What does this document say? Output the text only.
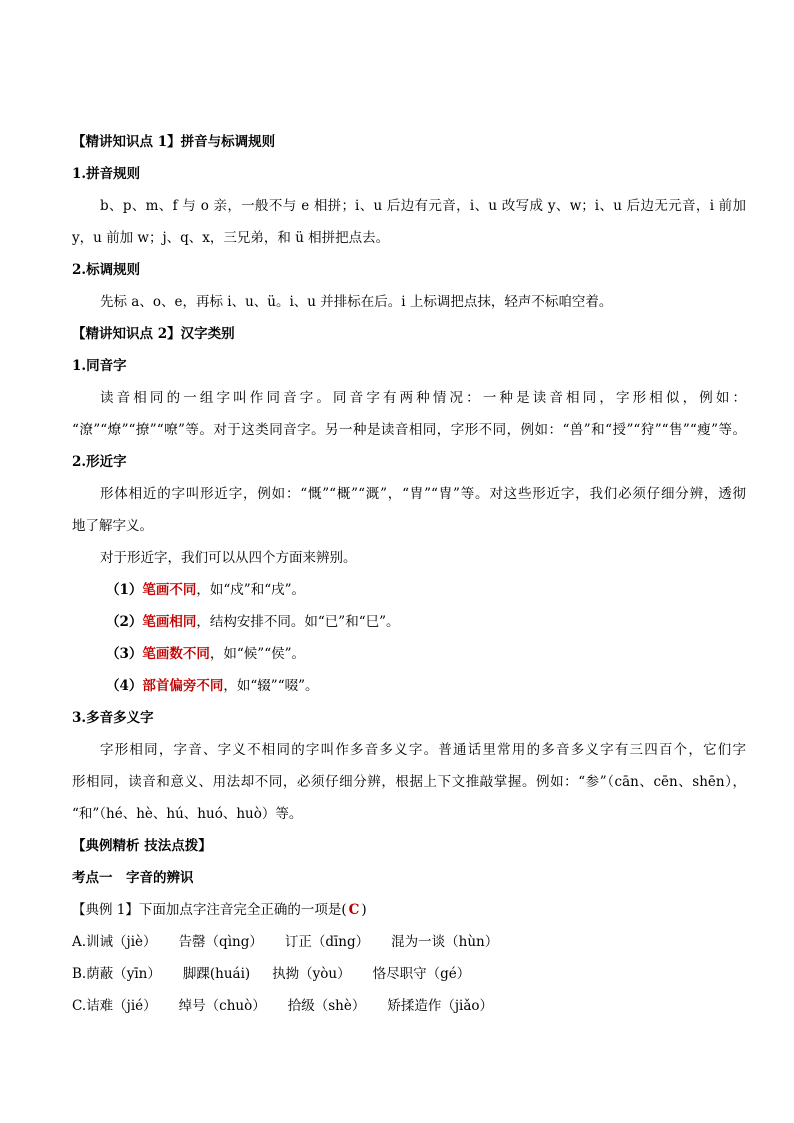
【精讲知识点 1】拼音与标调规则
1.拼音规则
b、p、m、f 与 o 亲，一般不与 e 相拼；i、u 后边有元音，i、u 改写成 y、w；i、u 后边无元音，i 前加
y，u 前加 w；j、q、x，三兄弟，和 ü 相拼把点去。
2.标调规则
先标 a、o、e，再标 i、u、ü。i、u 并排标在后。i 上标调把点抹，轻声不标咱空着。
【精讲知识点 2】汉字类别
1.同音字
读音相同的一组字叫作同音字。同音字有两种情况：一种是读音相同，字形相似，例如：
“潦”“燎”“撩”“嘹”等。对于这类同音字。另一种是读音相同，字形不同，例如：“兽”和“授”“狩”“售”“瘦”等。
2.形近字
形体相近的字叫形近字，例如：“慨”“概”“溉”，“胄”“冑”等。对这些形近字，我们必须仔细分辨，透彻
地了解字义。
对于形近字，我们可以从四个方面来辨别。
（1）笔画不同，如“戍”和“戌”。
（2）笔画相同，结构安排不同。如“已”和“巳”。
（3）笔画数不同，如“候”“侯”。
（4）部首偏旁不同，如“辍”“啜”。
3.多音多义字
字形相同，字音、字义不相同的字叫作多音多义字。普通话里常用的多音多义字有三四百个，它们字
形相同，读音和意义、用法却不同，必须仔细分辨，根据上下文推敲掌握。例如：“参”（cān、cēn、shēn），
“和”（hé、hè、hú、huó、huò）等。
【典例精析 技法点拨】
考点一　字音的辨识
【典例 1】下面加点字注音完全正确的一项是( C )
A.训诫（jiè） 告罄（qìng） 订正（dīng） 混为一谈（hùn）
B.荫蔽（yīn） 脚踝(huái) 执拗（yòu） 恪尽职守（gé）
C.诘难（jié） 绰号（chuò） 拾级（shè） 矫揉造作（jiǎo）
